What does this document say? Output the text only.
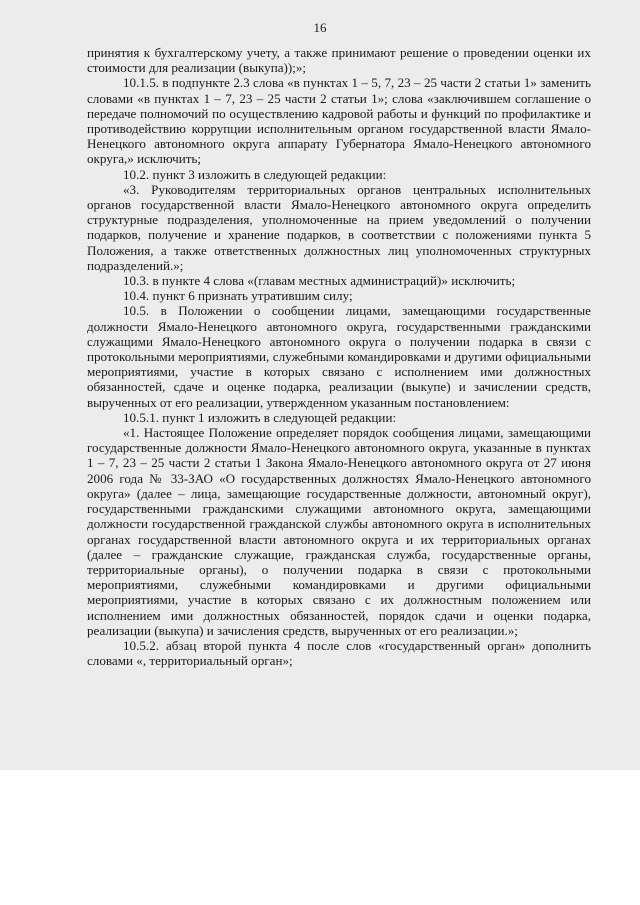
16

принятия к бухгалтерскому учету, а также принимают решение о проведении оценки их стоимости для реализации (выкупа));»;

10.1.5. в подпункте 2.3 слова «в пунктах 1 – 5, 7, 23 – 25 части 2 статьи 1» заменить словами «в пунктах 1 – 7, 23 – 25 части 2 статьи 1»; слова «заключившем соглашение о передаче полномочий по осуществлению кадровой работы и функций по профилактике и противодействию коррупции исполнительным органом государственной власти Ямало-Ненецкого автономного округа аппарату Губернатора Ямало-Ненецкого автономного округа,» исключить;

10.2. пункт 3 изложить в следующей редакции:

«3. Руководителям территориальных органов центральных исполнительных органов государственной власти Ямало-Ненецкого автономного округа определить структурные подразделения, уполномоченные на прием уведомлений о получении подарков, получение и хранение подарков, в соответствии с положениями пункта 5 Положения, а также ответственных должностных лиц уполномоченных структурных подразделений.»;

10.3. в пункте 4 слова «(главам местных администраций)» исключить;

10.4. пункт 6 признать утратившим силу;

10.5. в Положении о сообщении лицами, замещающими государственные должности Ямало-Ненецкого автономного округа, государственными гражданскими служащими Ямало-Ненецкого автономного округа о получении подарка в связи с протокольными мероприятиями, служебными командировками и другими официальными мероприятиями, участие в которых связано с исполнением ими должностных обязанностей, сдаче и оценке подарка, реализации (выкупе) и зачислении средств, вырученных от его реализации, утвержденном указанным постановлением:

10.5.1. пункт 1 изложить в следующей редакции:

«1. Настоящее Положение определяет порядок сообщения лицами, замещающими государственные должности Ямало-Ненецкого автономного округа, указанные в пунктах 1 – 7, 23 – 25 части 2 статьи 1 Закона Ямало-Ненецкого автономного округа от 27 июня 2006 года № 33-ЗАО «О государственных должностях Ямало-Ненецкого автономного округа» (далее – лица, замещающие государственные должности, автономный округ), государственными гражданскими служащими автономного округа, замещающими должности государственной гражданской службы автономного округа в исполнительных органах государственной власти автономного округа и их территориальных органах (далее – гражданские служащие, гражданская служба, государственные органы, территориальные органы), о получении подарка в связи с протокольными мероприятиями, служебными командировками и другими официальными мероприятиями, участие в которых связано с их должностным положением или исполнением ими должностных обязанностей, порядок сдачи и оценки подарка, реализации (выкупа) и зачисления средств, вырученных от его реализации.»;

10.5.2. абзац второй пункта 4 после слов «государственный орган» дополнить словами «, территориальный орган»;
